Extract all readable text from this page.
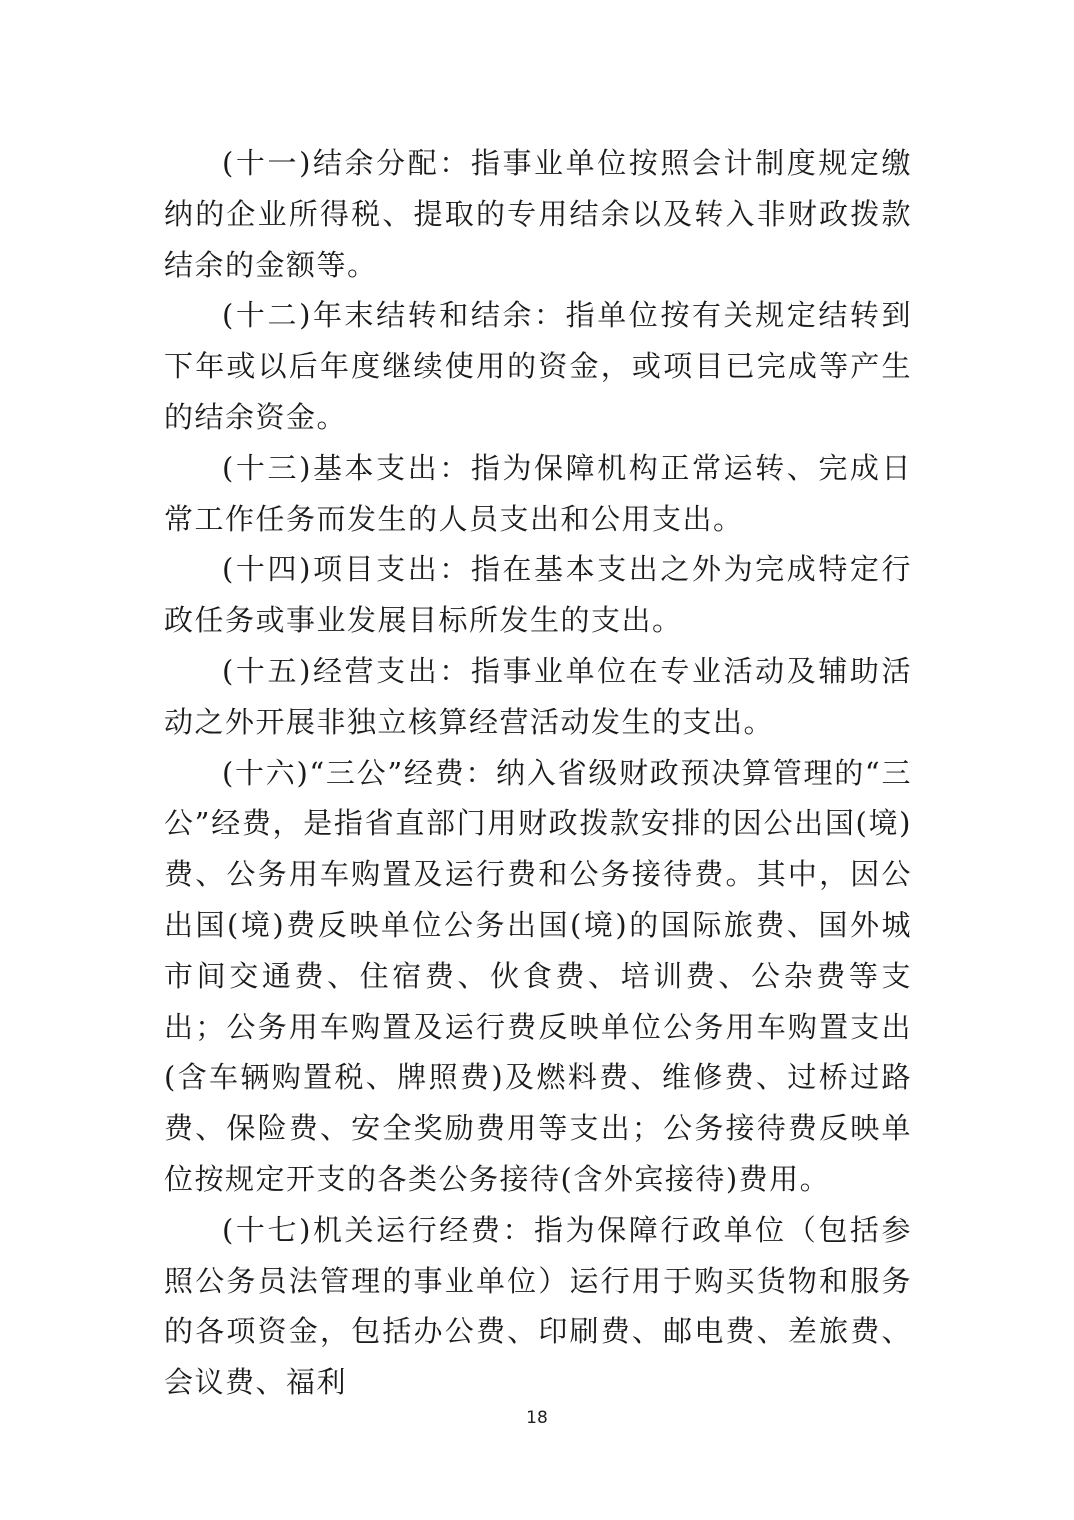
(十一)结余分配：指事业单位按照会计制度规定缴纳的企业所得税、提取的专用结余以及转入非财政拨款结余的金额等。

(十二)年末结转和结余：指单位按有关规定结转到下年或以后年度继续使用的资金，或项目已完成等产生的结余资金。

(十三)基本支出：指为保障机构正常运转、完成日常工作任务而发生的人员支出和公用支出。

(十四)项目支出：指在基本支出之外为完成特定行政任务或事业发展目标所发生的支出。

(十五)经营支出：指事业单位在专业活动及辅助活动之外开展非独立核算经营活动发生的支出。

(十六)“三公”经费：纳入省级财政预决算管理的“三公”经费，是指省直部门用财政拨款安排的因公出国(境)费、公务用车购置及运行费和公务接待费。其中，因公出国(境)费反映单位公务出国(境)的国际旅费、国外城市间交通费、住宿费、伙食费、培训费、公杂费等支出；公务用车购置及运行费反映单位公务用车购置支出(含车辆购置税、牌照费)及燃料费、维修费、过桥过路费、保险费、安全奖励费用等支出；公务接待费反映单位按规定开支的各类公务接待(含外宾接待)费用。

(十七)机关运行经费：指为保障行政单位（包括参照公务员法管理的事业单位）运行用于购买货物和服务的各项资金，包括办公费、印刷费、邮电费、差旅费、会议费、福利

18
